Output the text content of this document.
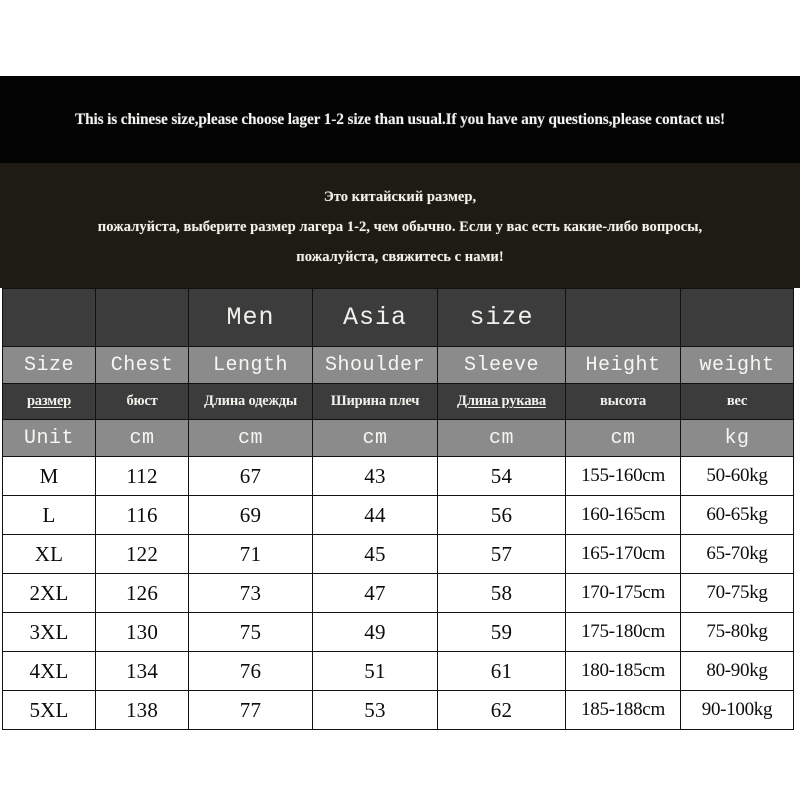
This is chinese size,please choose lager 1-2 size than usual.If you have any questions,please contact us!
Это китайский размер,
пожалуйста, выберите размер лагера 1-2, чем обычно. Если у вас есть какие-либо вопросы,
пожалуйста, свяжитесь с нами!
		Men	Asia	size		
Size	Chest	Length	Shoulder	Sleeve	Height	weight
размер	бюст	Длина одежды	Ширина плеч	Длина рукава	высота	вес
Unit	cm	cm	cm	cm	cm	kg
M	112	67	43	54	155-160cm	50-60kg
L	116	69	44	56	160-165cm	60-65kg
XL	122	71	45	57	165-170cm	65-70kg
2XL	126	73	47	58	170-175cm	70-75kg
3XL	130	75	49	59	175-180cm	75-80kg
4XL	134	76	51	61	180-185cm	80-90kg
5XL	138	77	53	62	185-188cm	90-100kg
